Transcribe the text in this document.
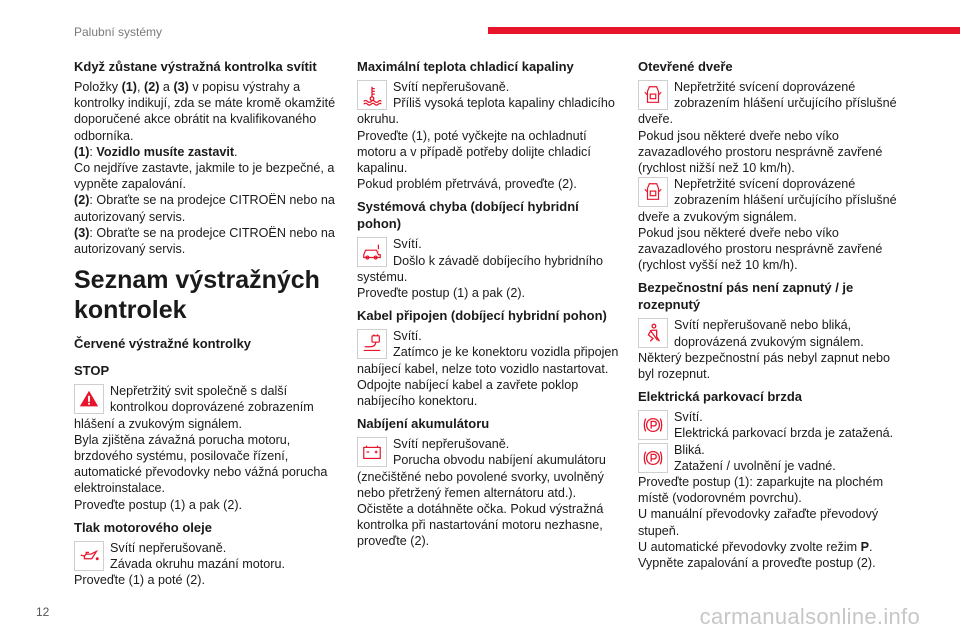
Palubní systémy
Když zůstane výstražná kontrolka svítit

Položky (1), (2) a (3) v popisu výstrahy a kontrolky indikují, zda se máte kromě okamžité doporučené akce obrátit na kvalifikovaného odborníka.

(1): Vozidlo musíte zastavit.

Co nejdříve zastavte, jakmile to je bezpečné, a vypněte zapalování.

(2): Obraťte se na prodejce CITROËN nebo na autorizovaný servis.

(3): Obraťte se na prodejce CITROËN nebo na autorizovaný servis.

Seznam výstražných kontrolek
Červené výstražné kontrolky
STOP

Nepřetržitý svit společně s další kontrolkou doprovázené zobrazením

hlášení a zvukovým signálem.

Byla zjištěna závažná porucha motoru, brzdového systému, posilovače řízení, automatické převodovky nebo vážná porucha elektroinstalace.

Proveďte postup (1) a pak (2).

Tlak motorového oleje

Svítí nepřerušovaně.

Závada okruhu mazání motoru.

Proveďte (1) a poté (2).

Maximální teplota chladicí kapaliny

Svítí nepřerušovaně.

Příliš vysoká teplota kapaliny chladicího

okruhu.

Proveďte (1), poté vyčkejte na ochladnutí motoru a v případě potřeby dolijte chladicí kapalinu.

Pokud problém přetrvává, proveďte (2).

Systémová chyba (dobíjecí hybridní pohon)

Svítí.

Došlo k závadě dobíjecího hybridního

systému.

Proveďte postup (1) a pak (2).

Kabel připojen (dobíjecí hybridní pohon)

Svítí.

Zatímco je ke konektoru vozidla připojen

nabíjecí kabel, nelze toto vozidlo nastartovat.

Odpojte nabíjecí kabel a zavřete poklop nabíjecího konektoru.

Nabíjení akumulátoru

Svítí nepřerušovaně.

Porucha obvodu nabíjení akumulátoru

(znečištěné nebo povolené svorky, uvolněný nebo přetržený řemen alternátoru atd.).

Očistěte a dotáhněte očka. Pokud výstražná kontrolka při nastartování motoru nezhasne, proveďte (2).

Otevřené dveře

Nepřetržité svícení doprovázené zobrazením hlášení určujícího příslušné

dveře.

Pokud jsou některé dveře nebo víko zavazadlového prostoru nesprávně zavřené (rychlost nižší než 10 km/h).

Nepřetržité svícení doprovázené zobrazením hlášení určujícího příslušné

dveře a zvukovým signálem.

Pokud jsou některé dveře nebo víko zavazadlového prostoru nesprávně zavřené (rychlost vyšší než 10 km/h).

Bezpečnostní pás není zapnutý / je rozepnutý

Svítí nepřerušovaně nebo bliká, doprovázená zvukovým signálem.

Některý bezpečnostní pás nebyl zapnut nebo byl rozepnut.

Elektrická parkovací brzda

Svítí.

Elektrická parkovací brzda je zatažená.

Bliká.

Zatažení / uvolnění je vadné.

Proveďte postup (1): zaparkujte na plochém místě (vodorovném povrchu).

U manuální převodovky zařaďte převodový stupeň.

U automatické převodovky zvolte režim P.

Vypněte zapalování a proveďte postup (2).

12	carmanualsonline.info
